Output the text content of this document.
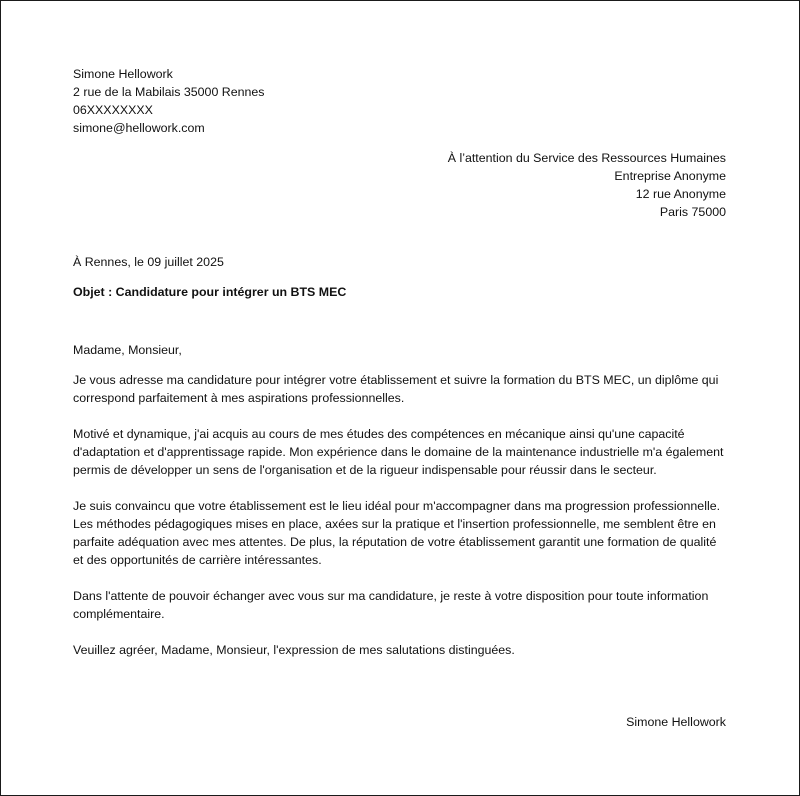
Simone Hellowork
2 rue de la Mabilais 35000 Rennes
06XXXXXXXX
simone@hellowork.com
À l’attention du Service des Ressources Humaines
Entreprise Anonyme
12 rue Anonyme
Paris 75000
À Rennes, le 09 juillet 2025
Objet : Candidature pour intégrer un BTS MEC

Madame, Monsieur,

Je vous adresse ma candidature pour intégrer votre établissement et suivre la formation du BTS MEC, un diplôme qui correspond parfaitement à mes aspirations professionnelles.

Motivé et dynamique, j'ai acquis au cours de mes études des compétences en mécanique ainsi qu'une capacité d'adaptation et d'apprentissage rapide. Mon expérience dans le domaine de la maintenance industrielle m'a également permis de développer un sens de l'organisation et de la rigueur indispensable pour réussir dans le secteur.

Je suis convaincu que votre établissement est le lieu idéal pour m'accompagner dans ma progression professionnelle. Les méthodes pédagogiques mises en place, axées sur la pratique et l'insertion professionnelle, me semblent être en parfaite adéquation avec mes attentes. De plus, la réputation de votre établissement garantit une formation de qualité et des opportunités de carrière intéressantes.

Dans l'attente de pouvoir échanger avec vous sur ma candidature, je reste à votre disposition pour toute information complémentaire.

Veuillez agréer, Madame, Monsieur, l'expression de mes salutations distinguées.

Simone Hellowork
